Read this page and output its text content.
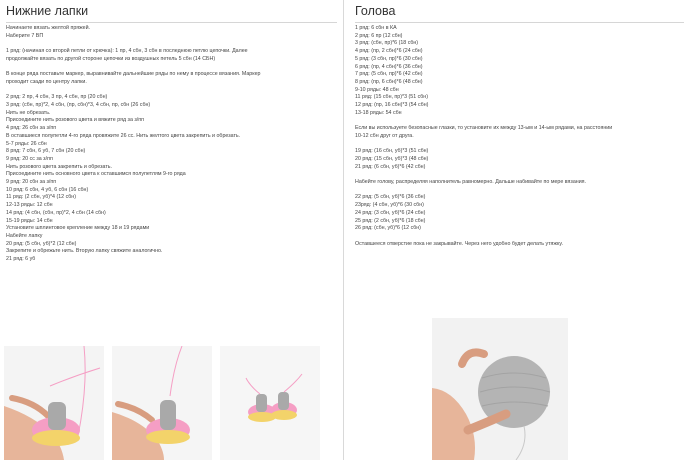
Нижние лапки
Начинаете вязать желтой пряжей.
Наберите 7 ВП
1 ряд: (начиная со второй петли от крючка): 1 пр, 4 сбн, 3 сбн в последнюю петлю цепочки. Далее
продолжайте вязать по другой стороне цепочки из воздушных петель 5 сбн (14 СБН)
В конце ряда поставьте маркер, выравнивайте дальнейшие ряды по нему в процессе вязания. Маркер
проходит сзади по центру лапки.
2 ряд: 2 пр, 4 сбн, 3 пр, 4 сбн, пр (20 сбн)
3 ряд: (сбн, пр)*2, 4 сбн, (пр, сбн)*3, 4 сбн, пр, сбн (26 сбн)
Нить не обрезать.
Присоедините нить розового цвета и вяжите ряд за з/пп
4 ряд: 26 сбн за з/пп
В оставшиеся полупетли 4-го ряда провяжите 26 сс. Нить желтого цвета закрепить и обрезать.
5-7 ряды: 26 сбн
8 ряд: 7 сбн, 6 уб, 7 сбн (20 сбн)
9 ряд: 20 сс за з/пп
Нить розового цвета закрепить и обрезать.
Присоедините нить основного цвета к оставшимся полупетлям 9-го ряда
9 ряд: 20 сбн за з/пп
10 ряд: 6 сбн, 4 уб, 6 сбн (16 сбн)
11 ряд: (2 сбн, уб)*4 (12 сбн)
12-13 ряды: 12 сбн
14 ряд: (4 сбн, (сбн, пр)*2, 4 сбн (14 сбн)
15-19 ряды: 14 сбн
Установите шплинтовое крепление между 18 и 19 рядами
Набейте лапку
20 ряд: (5 сбн, уб)*2 (12 сбн)
Закрепите и обрежьте нить. Вторую лапку свяжите аналогично.
21 ряд: 6 уб
Голова
1 ряд: 6 сбн в КА
2 ряд: 6 пр (12 сбн)
3 ряд: (сбн, пр)*6 (18 сбн)
4 ряд: (пр, 2 сбн)*6 (24 сбн)
5 ряд: (3 сбн, пр)*6 (30 сбн)
6 ряд: (пр, 4 сбн)*6 (36 сбн)
7 ряд: (5 сбн, пр)*6 (42 сбн)
8 ряд: (пр, 6 сбн)*6 (48 сбн)
9-10 ряды: 48 сбн
11 ряд: (15 сбн, пр)*3 (51 сбн)
12 ряд: (пр, 16 сбн)*3 (54 сбн)
13-18 ряды: 54 сбн
Если вы используете безопасные глазки, то установите их между 13-ым и 14-ым рядами, на расстоянии
10-12 сбн друг от друга.
19 ряд: (16 сбн, уб)*3 (51 сбн)
20 ряд: (15 сбн, уб)*3 (48 сбн)
21 ряд: (6 сбн, уб)*6 (42 сбн)
Набейте голову, распределяя наполнитель равномерно. Дальше набивайте по мере вязания.
22 ряд: (5 сбн, уб)*6 (36 сбн)
23ряд: (4 сбн, уб)*6 (30 сбн)
24 ряд: (3 сбн, уб)*6 (24 сбн)
25 ряд: (2 сбн, уб)*6 (18 сбн)
26 ряд: (сбн, уб)*6 (12 сбн)
Оставшееся отверстие пока не закрывайте. Через него удобно будет делать утяжку.
